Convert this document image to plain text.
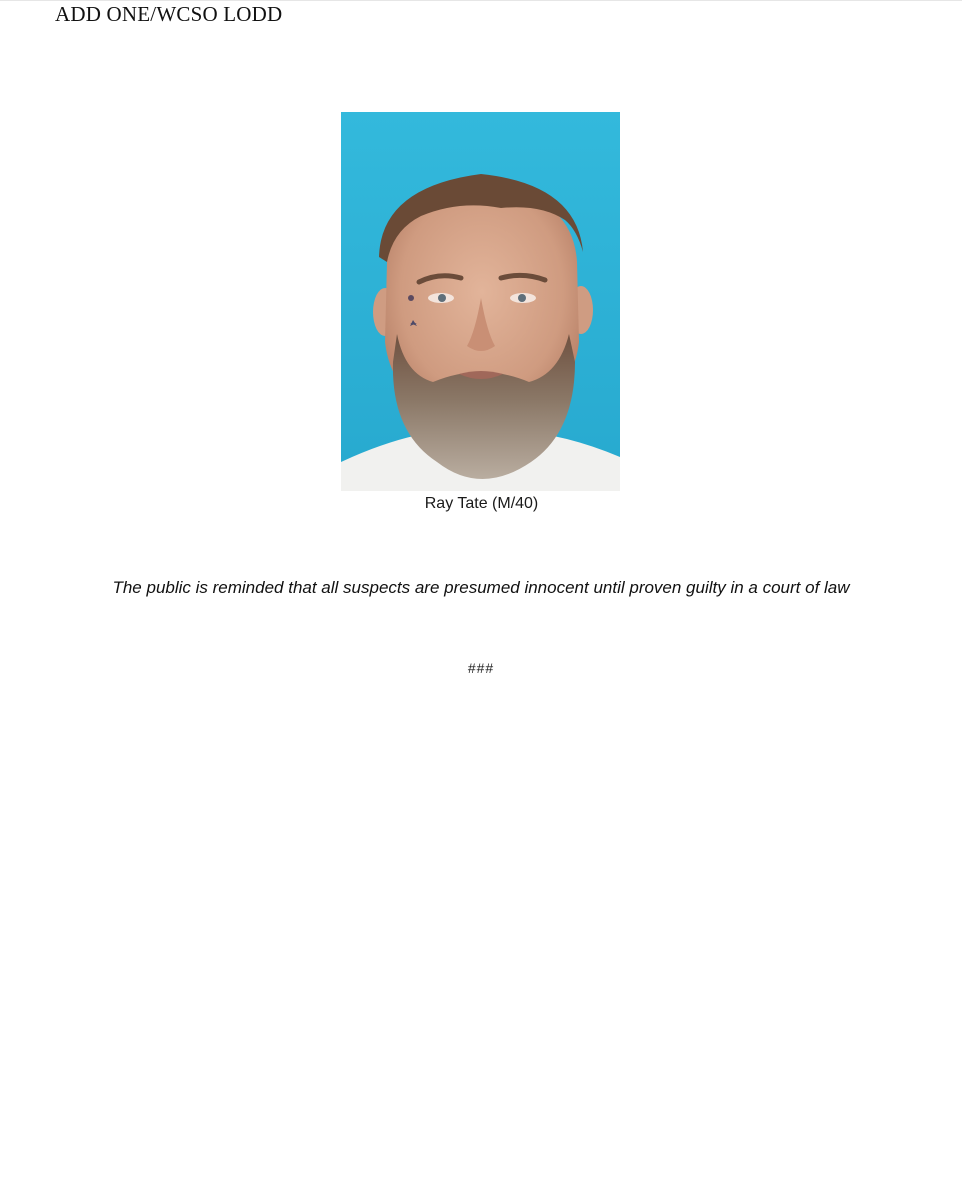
ADD ONE/WCSO LODD
Ray Tate (M/40)
The public is reminded that all suspects are presumed innocent until proven guilty in a court of law
###
